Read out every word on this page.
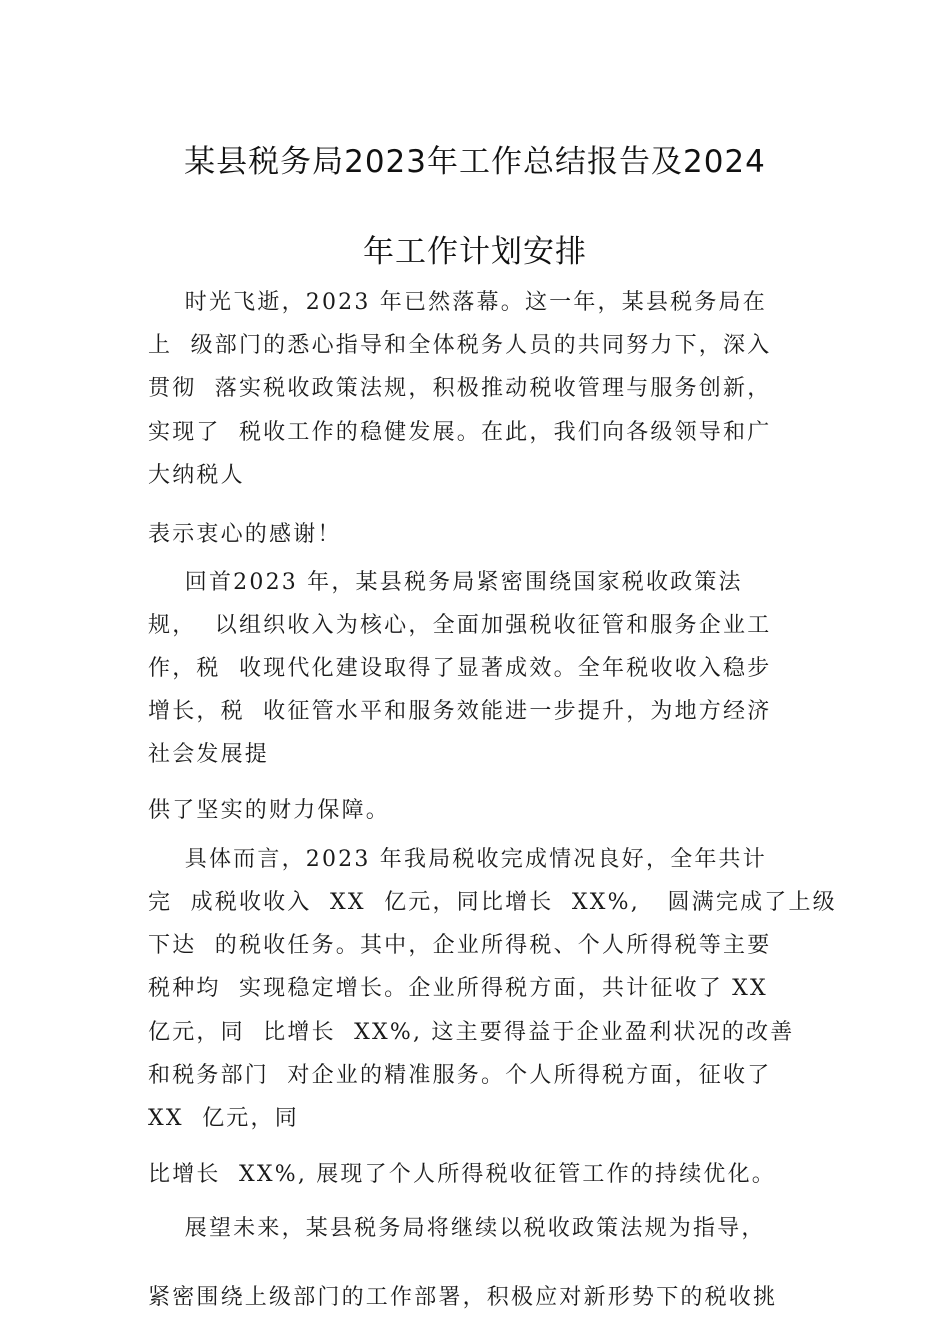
某县税务局2023年工作总结报告及2024
年工作计划安排
时光飞逝，2023 年已然落幕。这一年，某县税务局在
上  级部门的悉心指导和全体税务人员的共同努力下，深入
贯彻  落实税收政策法规，积极推动税收管理与服务创新，
实现了  税收工作的稳健发展。在此，我们向各级领导和广
大纳税人
表示衷心的感谢！
回首2023 年，某县税务局紧密围绕国家税收政策法
规，  以组织收入为核心，全面加强税收征管和服务企业工
作，税  收现代化建设取得了显著成效。全年税收收入稳步
增长，税  收征管水平和服务效能进一步提升，为地方经济
社会发展提
供了坚实的财力保障。
具体而言，2023 年我局税收完成情况良好，全年共计
完  成税收收入  XX  亿元，同比增长  XX%,   圆满完成了上级
下达  的税收任务。其中，企业所得税、个人所得税等主要
税种均  实现稳定增长。企业所得税方面，共计征收了 XX
亿元，同  比增长  XX%, 这主要得益于企业盈利状况的改善
和税务部门  对企业的精准服务。个人所得税方面，征收了
XX  亿元，同
比增长  XX%, 展现了个人所得税收征管工作的持续优化。
展望未来，某县税务局将继续以税收政策法规为指导，
紧密围绕上级部门的工作部署，积极应对新形势下的税收挑
